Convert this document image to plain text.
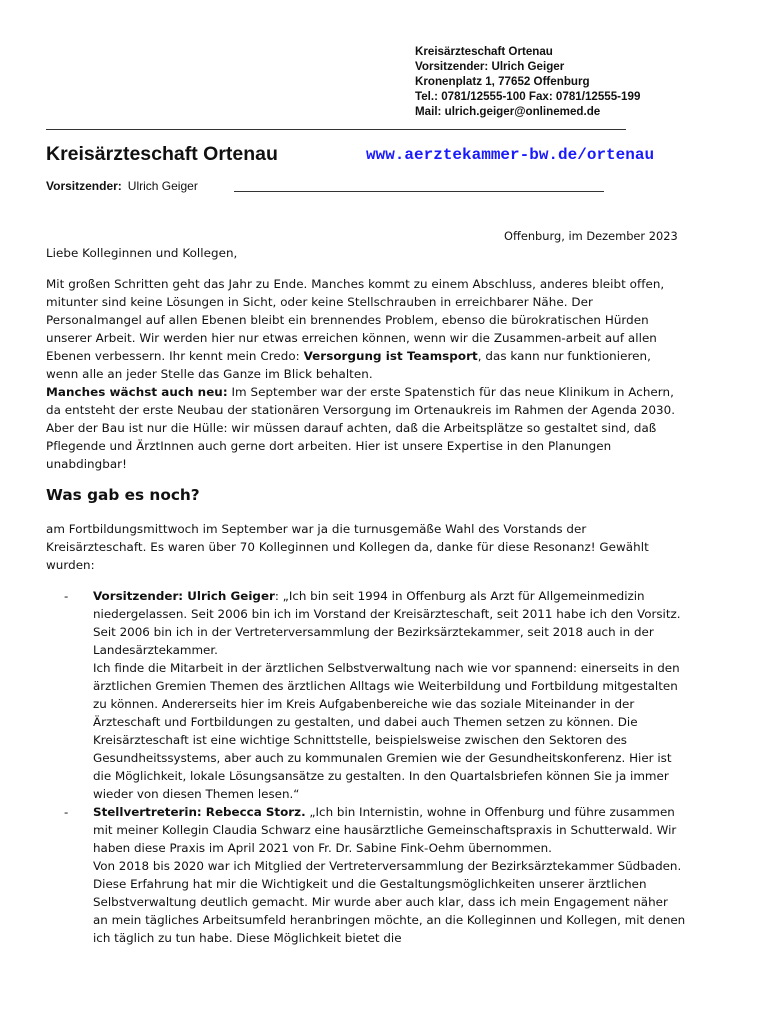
Kreisärzteschaft Ortenau
Vorsitzender: Ulrich Geiger
Kronenplatz 1, 77652 Offenburg
Tel.: 0781/12555-100 Fax: 0781/12555-199
Mail: ulrich.geiger@onlinemed.de
Kreisärzteschaft Ortenau	www.aerztekammer-bw.de/ortenau
Vorsitzender: Ulrich Geiger
Offenburg, im Dezember 2023
Liebe Kolleginnen und Kollegen,
Mit großen Schritten geht das Jahr zu Ende. Manches kommt zu einem Abschluss, anderes bleibt offen, mitunter sind keine Lösungen in Sicht, oder keine Stellschrauben in erreichbarer Nähe. Der Personalmangel auf allen Ebenen bleibt ein brennendes Problem, ebenso die bürokratischen Hürden unserer Arbeit. Wir werden hier nur etwas erreichen können, wenn wir die Zusammen-arbeit auf allen Ebenen verbessern. Ihr kennt mein Credo: Versorgung ist Teamsport, das kann nur funktionieren, wenn alle an jeder Stelle das Ganze im Blick behalten.
Manches wächst auch neu: Im September war der erste Spatenstich für das neue Klinikum in Achern, da entsteht der erste Neubau der stationären Versorgung im Ortenaukreis im Rahmen der Agenda 2030. Aber der Bau ist nur die Hülle: wir müssen darauf achten, daß die Arbeitsplätze so gestaltet sind, daß Pflegende und ÄrztInnen auch gerne dort arbeiten. Hier ist unsere Expertise in den Planungen unabdingbar!
Was gab es noch?
am Fortbildungsmittwoch im September war ja die turnusgemäße Wahl des Vorstands der Kreisärzteschaft. Es waren über 70 Kolleginnen und Kollegen da, danke für diese Resonanz! Gewählt wurden:
-	Vorsitzender: Ulrich Geiger: „Ich bin seit 1994 in Offenburg als Arzt für Allgemeinmedizin niedergelassen. Seit 2006 bin ich im Vorstand der Kreisärzteschaft, seit 2011 habe ich den Vorsitz. Seit 2006 bin ich in der Vertreterversammlung der Bezirksärztekammer, seit 2018 auch in der Landesärztekammer.
Ich finde die Mitarbeit in der ärztlichen Selbstverwaltung nach wie vor spannend: einerseits in den ärztlichen Gremien Themen des ärztlichen Alltags wie Weiterbildung und Fortbildung mitgestalten zu können. Andererseits hier im Kreis Aufgabenbereiche wie das soziale Miteinander in der Ärzteschaft und Fortbildungen zu gestalten, und dabei auch Themen setzen zu können. Die Kreisärzteschaft ist eine wichtige Schnittstelle, beispielsweise zwischen den Sektoren des Gesundheitssystems, aber auch zu kommunalen Gremien wie der Gesundheitskonferenz. Hier ist die Möglichkeit, lokale Lösungsansätze zu gestalten. In den Quartalsbriefen können Sie ja immer wieder von diesen Themen lesen.“
-	Stellvertreterin: Rebecca Storz. „Ich bin Internistin, wohne in Offenburg und führe zusammen mit meiner Kollegin Claudia Schwarz eine hausärztliche Gemeinschaftspraxis in Schutterwald. Wir haben diese Praxis im April 2021 von Fr. Dr. Sabine Fink-Oehm übernommen.
Von 2018 bis 2020 war ich Mitglied der Vertreterversammlung der Bezirksärztekammer Südbaden. Diese Erfahrung hat mir die Wichtigkeit und die Gestaltungsmöglichkeiten unserer ärztlichen Selbstverwaltung deutlich gemacht. Mir wurde aber auch klar, dass ich mein Engagement näher an mein tägliches Arbeitsumfeld heranbringen möchte, an die Kolleginnen und Kollegen, mit denen ich täglich zu tun habe. Diese Möglichkeit bietet die
